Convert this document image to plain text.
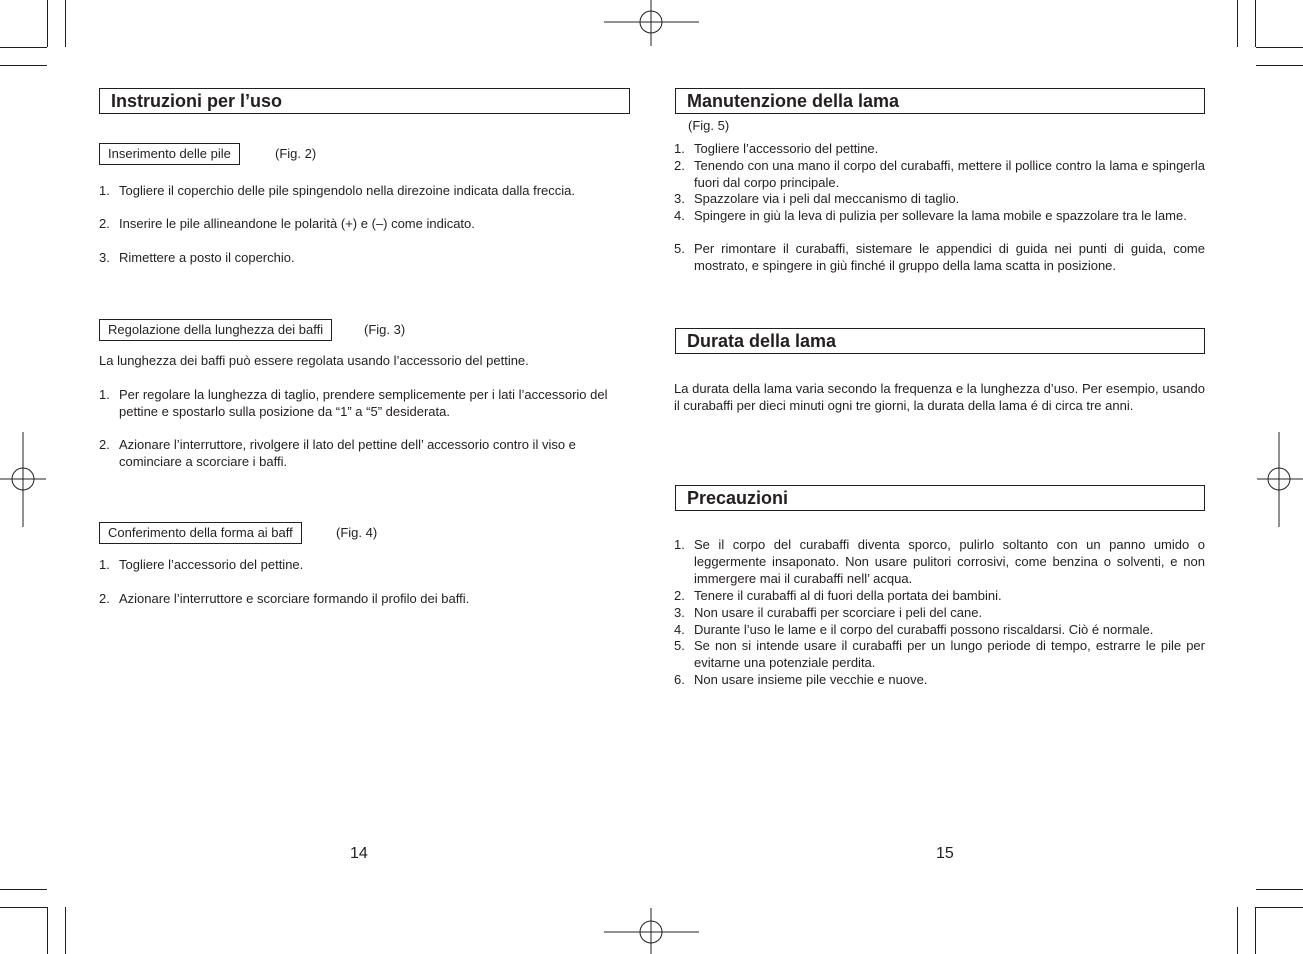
Instruzioni per l’uso
Inserimento delle pile	(Fig. 2)
1. Togliere il coperchio delle pile spingendolo nella direzoine indicata dalla freccia.
2. Inserire le pile allineandone le polarità (+) e (–) come indicato.
3. Rimettere a posto il coperchio.
Regolazione della lunghezza dei baffi	(Fig. 3)
La lunghezza dei baffi può essere regolata usando l’accessorio del pettine.
1. Per regolare la lunghezza di taglio, prendere semplicemente per i lati l’accessorio del pettine e spostarlo sulla posizione da “1” a “5” desiderata.
2. Azionare l’interruttore, rivolgere il lato del pettine dell’ accessorio contro il viso e cominciare a scorciare i baffi.
Conferimento della forma ai baff	(Fig. 4)
1. Togliere l’accessorio del pettine.
2. Azionare l’interruttore e scorciare formando il profilo dei baffi.
14
Manutenzione della lama
(Fig. 5)
1. Togliere l’accessorio del pettine.
2. Tenendo con una mano il corpo del curabaffi, mettere il pollice contro la lama e spingerla fuori dal corpo principale.
3. Spazzolare via i peli dal meccanismo di taglio.
4. Spingere in giù la leva di pulizia per sollevare la lama mobile e spazzolare tra le lame.
5. Per rimontare il curabaffi, sistemare le appendici di guida nei punti di guida, come mostrato, e spingere in giù finché il gruppo della lama scatta in posizione.
Durata della lama
La durata della lama varia secondo la frequenza e la lunghezza d’uso. Per esempio, usando il curabaffi per dieci minuti ogni tre giorni, la durata della lama é di circa tre anni.
Precauzioni
1. Se il corpo del curabaffi diventa sporco, pulirlo soltanto con un panno umido o leggermente insaponato. Non usare pulitori corrosivi, come benzina o solventi, e non immergere mai il curabaffi nell’ acqua.
2. Tenere il curabaffi al di fuori della portata dei bambini.
3. Non usare il curabaffi per scorciare i peli del cane.
4. Durante l’uso le lame e il corpo del curabaffi possono riscaldarsi. Ciò é normale.
5. Se non si intende usare il curabaffi per un lungo periode di tempo, estrarre le pile per evitarne una potenziale perdita.
6. Non usare insieme pile vecchie e nuove.
15
